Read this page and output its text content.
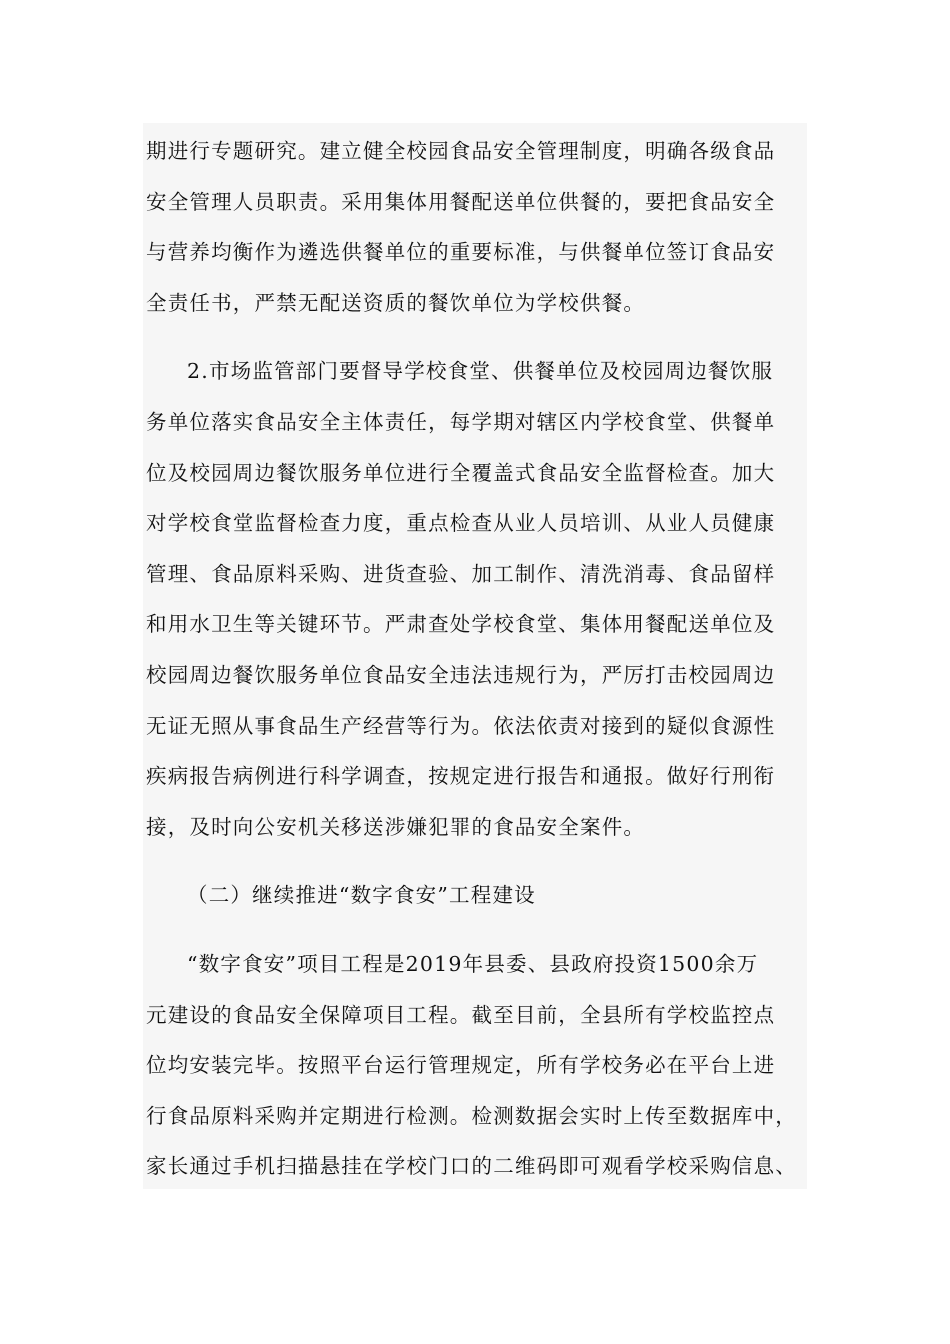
期进行专题研究。建立健全校园食品安全管理制度，明确各级食品
安全管理人员职责。采用集体用餐配送单位供餐的，要把食品安全
与营养均衡作为遴选供餐单位的重要标准，与供餐单位签订食品安
全责任书，严禁无配送资质的餐饮单位为学校供餐。
2.市场监管部门要督导学校食堂、供餐单位及校园周边餐饮服
务单位落实食品安全主体责任，每学期对辖区内学校食堂、供餐单
位及校园周边餐饮服务单位进行全覆盖式食品安全监督检查。加大
对学校食堂监督检查力度，重点检查从业人员培训、从业人员健康
管理、食品原料采购、进货查验、加工制作、清洗消毒、食品留样
和用水卫生等关键环节。严肃查处学校食堂、集体用餐配送单位及
校园周边餐饮服务单位食品安全违法违规行为，严厉打击校园周边
无证无照从事食品生产经营等行为。依法依责对接到的疑似食源性
疾病报告病例进行科学调查，按规定进行报告和通报。做好行刑衔
接，及时向公安机关移送涉嫌犯罪的食品安全案件。
（二）继续推进“数字食安”工程建设
“数字食安”项目工程是2019年县委、县政府投资1500余万
元建设的食品安全保障项目工程。截至目前，全县所有学校监控点
位均安装完毕。按照平台运行管理规定，所有学校务必在平台上进
行食品原料采购并定期进行检测。检测数据会实时上传至数据库中，
家长通过手机扫描悬挂在学校门口的二维码即可观看学校采购信息、
